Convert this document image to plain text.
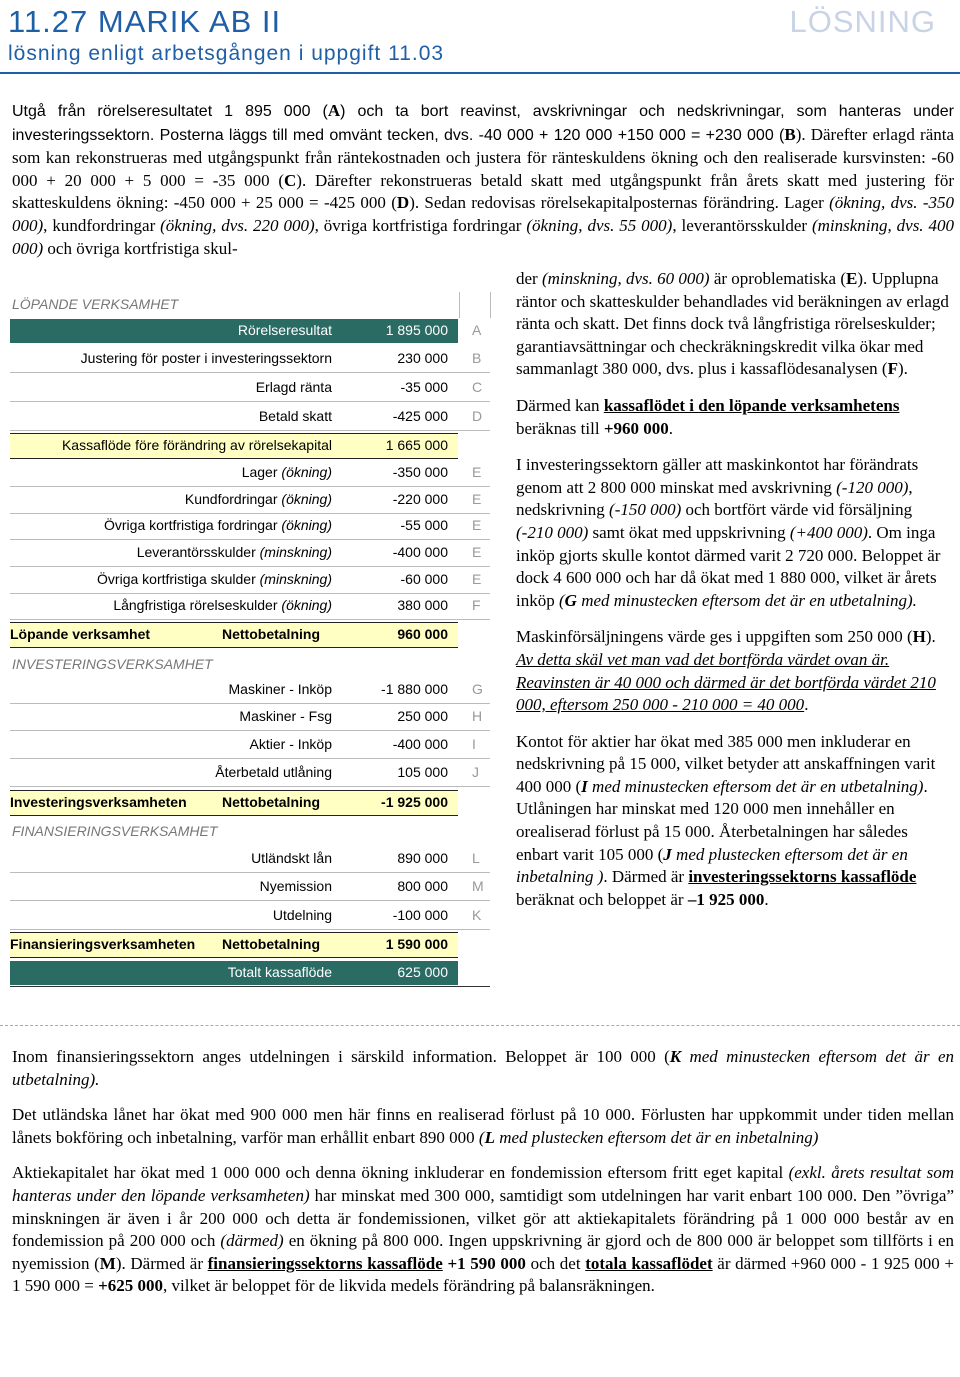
11.27 MARIK AB II	LÖSNING
lösning enligt arbetsgången i uppgift 11.03
Utgå från rörelseresultatet 1 895 000 (A) och ta bort reavinst, avskrivningar och nedskrivningar, som hanteras under investeringssektorn. Posterna läggs till med omvänt tecken, dvs. -40 000 + 120 000 +150 000 = +230 000 (B). Därefter erlagd ränta som kan rekonstrueras med utgångspunkt från räntekostnaden och justera för ränteskuldens ökning och den realiserade kursvinsten: -60 000 + 20 000 + 5 000 = -35 000 (C). Därefter rekonstrueras betald skatt med utgångspunkt från årets skatt med justering för skatteskuldens ökning: -450 000 + 25 000 = -425 000 (D). Sedan redovisas rörelsekapitalposternas förändring. Lager (ökning, dvs. -350 000), kundfordringar (ökning, dvs. 220 000), övriga kortfristiga fordringar (ökning, dvs. 55 000), leverantörsskulder (minskning, dvs. 400 000) och övriga kortfristiga skul-
LÖPANDE VERKSAMHET
INVESTERINGSVERKSAMHET
FINANSIERINGSVERKSAMHET
Rörelseresultat	1 895 000 A
Justering för poster i investeringssektorn	230 000 B
Erlagd ränta	-35 000 C
Betald skatt	-425 000 D
Kassaflöde före förändring av rörelsekapital	1 665 000
Lager (ökning)	-350 000 E
Kundfordringar (ökning)	-220 000 E
Övriga kortfristiga fordringar (ökning)	-55 000 E
Leverantörsskulder (minskning)	-400 000 E
Övriga kortfristiga skulder (minskning)	-60 000 E
Långfristiga rörelseskulder (ökning)	380 000 F
Löpande verksamhet	Nettobetalning	960 000
Maskiner - Inköp	-1 880 000 G
Maskiner - Fsg	250 000 H
Aktier - Inköp	-400 000 I
Återbetald utlåning	105 000 J
Investeringsverksamheten	Nettobetalning	-1 925 000
Utländskt lån	890 000 L
Nyemission	800 000 M
Utdelning	-100 000 K
Finansieringsverksamheten Nettobetalning	1 590 000
Totalt kassaflöde	625 000

der (minskning, dvs. 60 000) är oproblematiska (E). Upplupna räntor och skatteskulder behandlades vid beräkningen av erlagd ränta och skatt. Det finns dock två långfristiga rörelseskulder; garantiavsättningar och checkräkningskredit vilka ökar med sammanlagt 380 000, dvs. plus i kassaflödesanalysen (F).

Därmed kan kassaflödet i den löpande verksamhetens beräknas till +960 000.

I investeringssektorn gäller att maskinkontot har förändrats genom att 2 800 000 minskat med avskrivning (-120 000), nedskrivning (-150 000) och bortfört värde vid försäljning (-210 000) samt ökat med uppskrivning (+400 000). Om inga inköp gjorts skulle kontot därmed varit 2 720 000. Beloppet är dock 4 600 000 och har då ökat med 1 880 000, vilket är årets inköp (G med minustecken eftersom det är en utbetalning).

Maskinförsäljningens värde ges i uppgiften som 250 000 (H). Av detta skäl vet man vad det bortförda värdet ovan är. Reavinsten är 40 000 och därmed är det bortförda värdet 210 000, eftersom 250 000 - 210 000 = 40 000.

Kontot för aktier har ökat med 385 000 men inkluderar en nedskrivning på 15 000, vilket betyder att anskaffningen varit 400 000 (I med minustecken eftersom det är en utbetalning). Utlåningen har minskat med 120 000 men innehåller en orealiserad förlust på 15 000. Återbetalningen har således enbart varit 105 000 (J med plustecken eftersom det är en inbetalning ). Därmed är investeringssektorns kassaflöde beräknat och beloppet är –1 925 000.

Inom finansieringssektorn anges utdelningen i särskild information. Beloppet är 100 000 (K med minustecken eftersom det är en utbetalning).

Det utländska lånet har ökat med 900 000 men här finns en realiserad förlust på 10 000. Förlusten har uppkommit under tiden mellan lånets bokföring och inbetalning, varför man erhållit enbart 890 000 (L med plustecken eftersom det är en inbetalning)

Aktiekapitalet har ökat med 1 000 000 och denna ökning inkluderar en fondemission eftersom fritt eget kapital (exkl. årets resultat som hanteras under den löpande verksamheten) har minskat med 300 000, samtidigt som utdelningen har varit enbart 100 000. Den ”övriga” minskningen är även i år 200 000 och detta är fondemissionen, vilket gör att aktiekapitalets förändring på 1 000 000 består av en fondemission på 200 000 och (därmed) en ökning på 800 000. Ingen uppskrivning är gjord och de 800 000 är beloppet som tillförts i en nyemission (M). Därmed är finansieringssektorns kassaflöde +1 590 000 och det totala kassaflödet är därmed +960 000 - 1 925 000 + 1 590 000 = +625 000, vilket är beloppet för de likvida medels förändring på balansräkningen.
